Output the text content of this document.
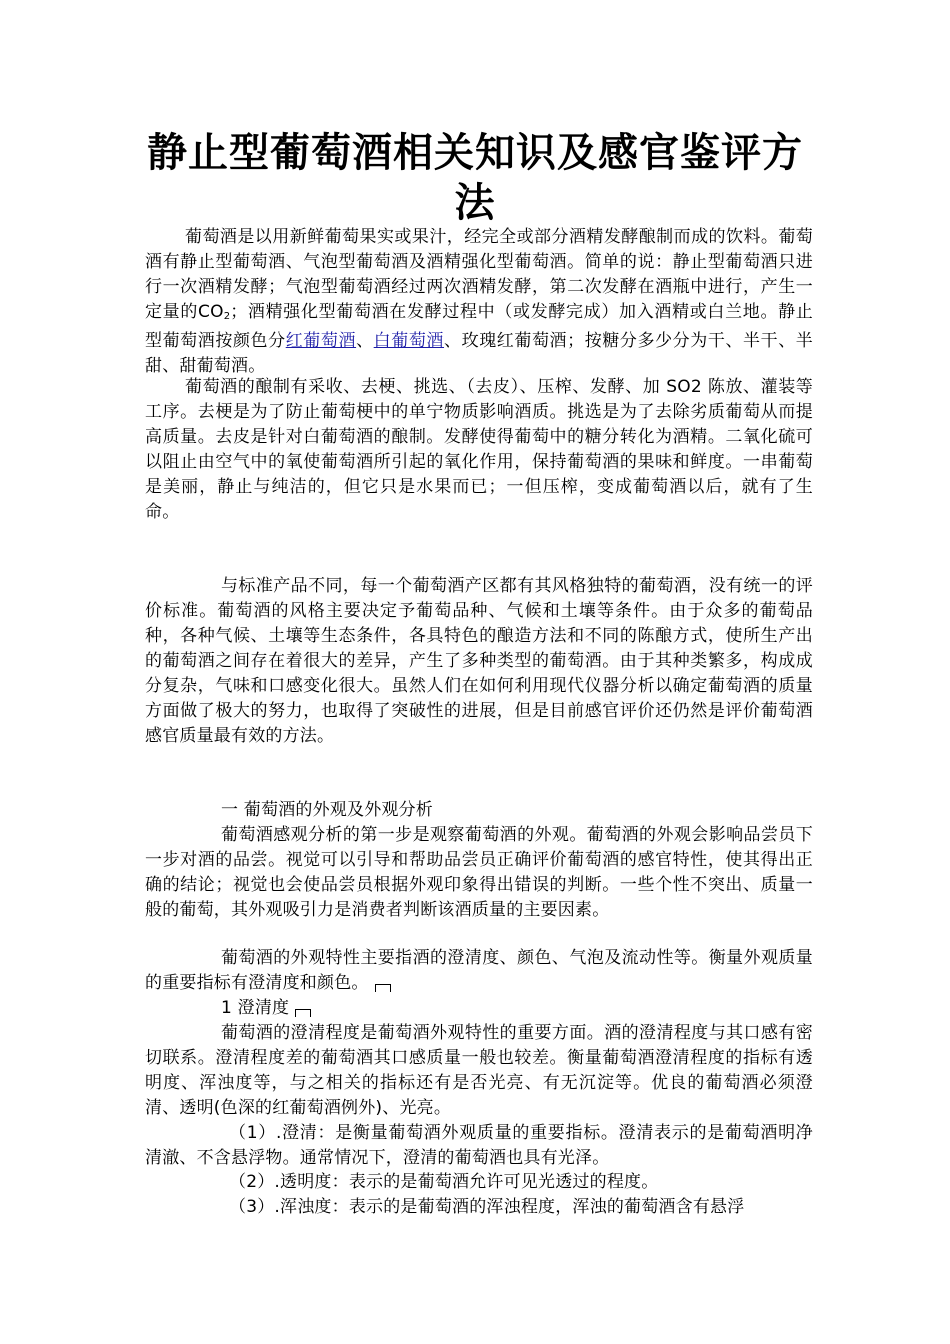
静止型葡萄酒相关知识及感官鉴评方法
葡萄酒是以用新鲜葡萄果实或果汁，经完全或部分酒精发酵酿制而成的饮料。葡萄酒有静止型葡萄酒、气泡型葡萄酒及酒精强化型葡萄酒。简单的说：静止型葡萄酒只进行一次酒精发酵；气泡型葡萄酒经过两次酒精发酵，第二次发酵在酒瓶中进行，产生一定量的$CO_2$；酒精强化型葡萄酒在发酵过程中（或发酵完成）加入酒精或白兰地。静止型葡萄酒按颜色分红葡萄酒、白葡萄酒、玫瑰红葡萄酒；按糖分多少分为干、半干、半甜、甜葡萄酒。
葡萄酒的酿制有采收、去梗、挑选、（去皮）、压榨、发酵、加 SO2 陈放、灌装等工序。去梗是为了防止葡萄梗中的单宁物质影响酒质。挑选是为了去除劣质葡萄从而提高质量。去皮是针对白葡萄酒的酿制。发酵使得葡萄中的糖分转化为酒精。二氧化硫可以阻止由空气中的氧使葡萄酒所引起的氧化作用，保持葡萄酒的果味和鲜度。一串葡萄是美丽，静止与纯洁的，但它只是水果而已；一但压榨，变成葡萄酒以后，就有了生命。
与标准产品不同，每一个葡萄酒产区都有其风格独特的葡萄酒，没有统一的评价标准。葡萄酒的风格主要决定予葡萄品种、气候和土壤等条件。由于众多的葡萄品种，各种气候、土壤等生态条件，各具特色的酿造方法和不同的陈酿方式，使所生产出的葡萄酒之间存在着很大的差异，产生了多种类型的葡萄酒。由于其种类繁多，构成成分复杂，气味和口感变化很大。虽然人们在如何利用现代仪器分析以确定葡萄酒的质量方面做了极大的努力，也取得了突破性的进展，但是目前感官评价还仍然是评价葡萄酒感官质量最有效的方法。
一 葡萄酒的外观及外观分析
葡萄酒感观分析的第一步是观察葡萄酒的外观。葡萄酒的外观会影响品尝员下一步对酒的品尝。视觉可以引导和帮助品尝员正确评价葡萄酒的感官特性，使其得出正确的结论；视觉也会使品尝员根据外观印象得出错误的判断。一些个性不突出、质量一般的葡萄，其外观吸引力是消费者判断该酒质量的主要因素。
葡萄酒的外观特性主要指酒的澄清度、颜色、气泡及流动性等。衡量外观质量的重要指标有澄清度和颜色。
1 澄清度
葡萄酒的澄清程度是葡萄酒外观特性的重要方面。酒的澄清程度与其口感有密切联系。澄清程度差的葡萄酒其口感质量一般也较差。衡量葡萄酒澄清程度的指标有透明度、浑浊度等，与之相关的指标还有是否光亮、有无沉淀等。优良的葡萄酒必须澄清、透明(色深的红葡萄酒例外)、光亮。
（1）.澄清：是衡量葡萄酒外观质量的重要指标。澄清表示的是葡萄酒明净清澈、不含悬浮物。通常情况下，澄清的葡萄酒也具有光泽。
（2）.透明度：表示的是葡萄酒允许可见光透过的程度。
（3）.浑浊度：表示的是葡萄酒的浑浊程度，浑浊的葡萄酒含有悬浮
